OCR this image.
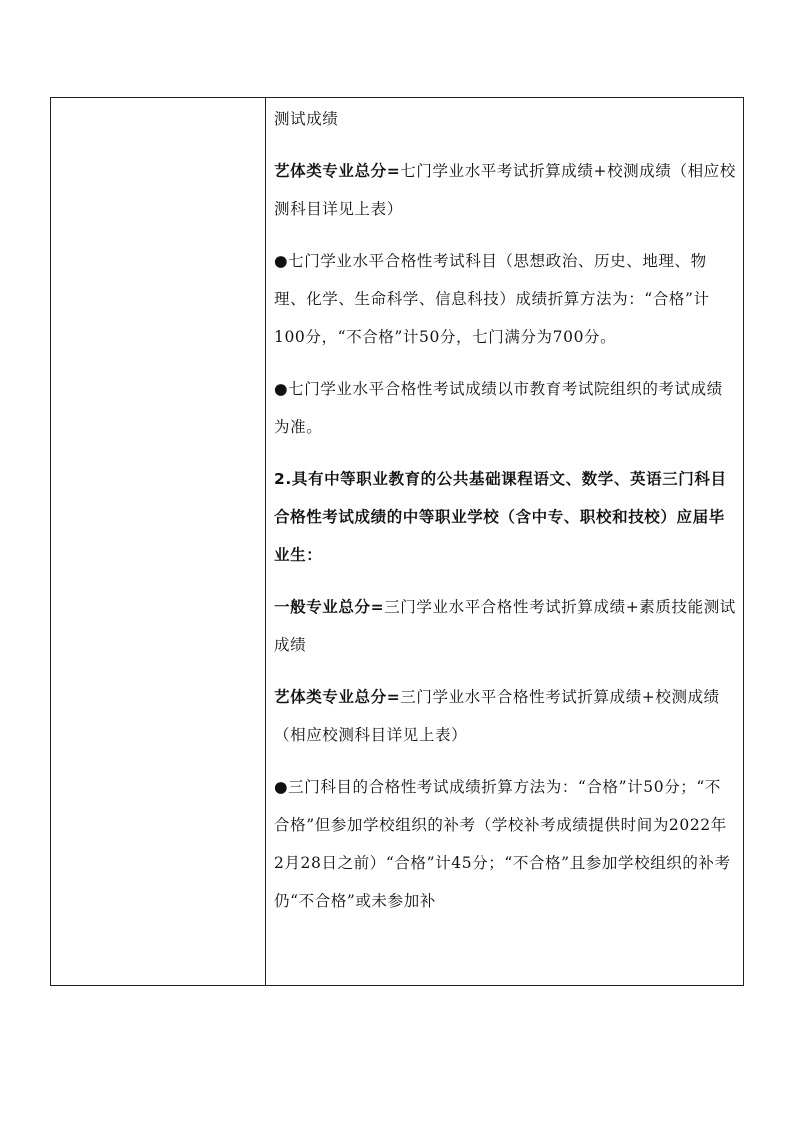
测试成绩

艺体类专业总分=七门学业水平考试折算成绩+校测成绩（相应校测科目详见上表）

●七门学业水平合格性考试科目（思想政治、历史、地理、物理、化学、生命科学、信息科技）成绩折算方法为：“合格”计100分，“不合格”计50分，七门满分为700分。

●七门学业水平合格性考试成绩以市教育考试院组织的考试成绩为准。

2.具有中等职业教育的公共基础课程语文、数学、英语三门科目合格性考试成绩的中等职业学校（含中专、职校和技校）应届毕业生：

一般专业总分=三门学业水平合格性考试折算成绩+素质技能测试成绩

艺体类专业总分=三门学业水平合格性考试折算成绩+校测成绩（相应校测科目详见上表）

●三门科目的合格性考试成绩折算方法为：“合格”计50分；“不合格”但参加学校组织的补考（学校补考成绩提供时间为2022年2月28日之前）“合格”计45分；“不合格”且参加学校组织的补考仍“不合格”或未参加补
